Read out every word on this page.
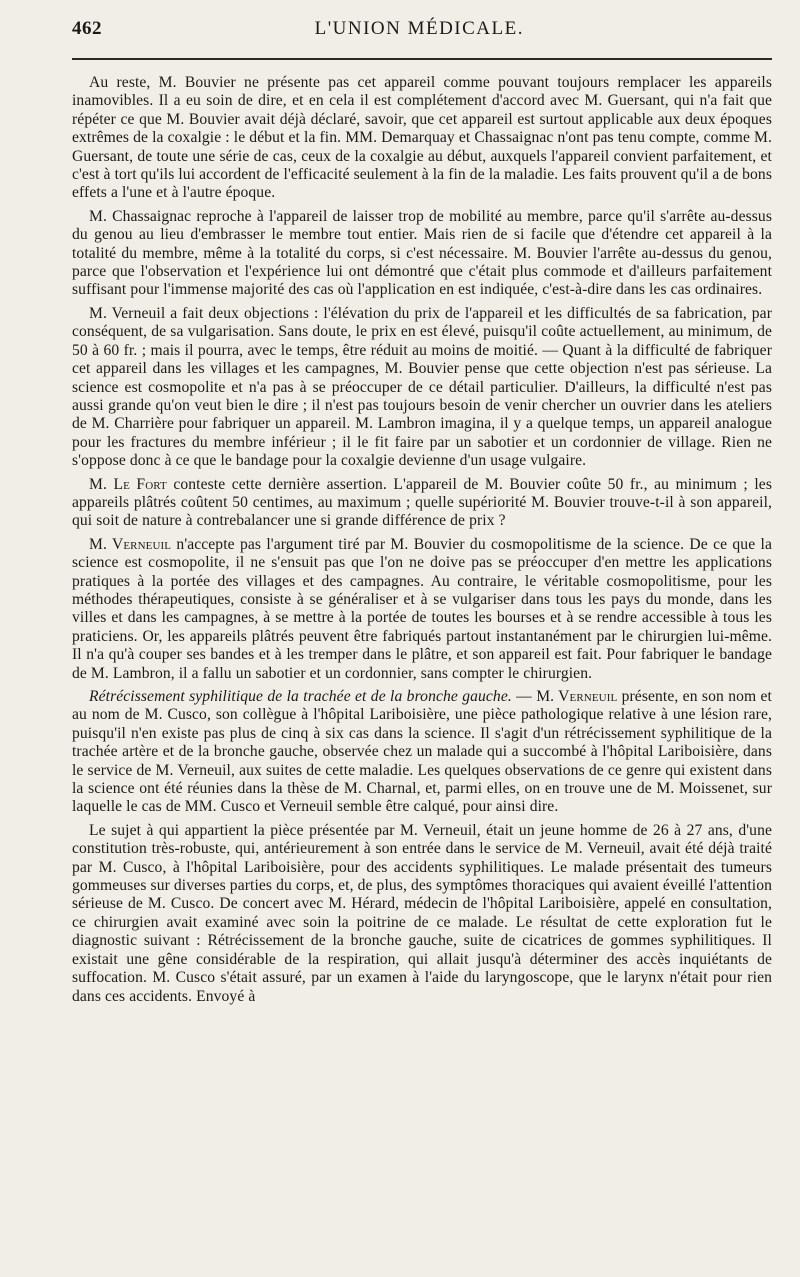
462	L'UNION MÉDICALE.

Au reste, M. Bouvier ne présente pas cet appareil comme pouvant toujours remplacer les appareils inamovibles. Il a eu soin de dire, et en cela il est complétement d'accord avec M. Guersant, qui n'a fait que répéter ce que M. Bouvier avait déjà déclaré, savoir, que cet appareil est surtout applicable aux deux époques extrêmes de la coxalgie : le début et la fin. MM. Demarquay et Chassaignac n'ont pas tenu compte, comme M. Guersant, de toute une série de cas, ceux de la coxalgie au début, auxquels l'appareil convient parfaitement, et c'est à tort qu'ils lui accordent de l'efficacité seulement à la fin de la maladie. Les faits prouvent qu'il a de bons effets a l'une et à l'autre époque.

M. Chassaignac reproche à l'appareil de laisser trop de mobilité au membre, parce qu'il s'arrête au-dessus du genou au lieu d'embrasser le membre tout entier. Mais rien de si facile que d'étendre cet appareil à la totalité du membre, même à la totalité du corps, si c'est nécessaire. M. Bouvier l'arrête au-dessus du genou, parce que l'observation et l'expérience lui ont démontré que c'était plus commode et d'ailleurs parfaitement suffisant pour l'immense majorité des cas où l'application en est indiquée, c'est-à-dire dans les cas ordinaires.

M. Verneuil a fait deux objections : l'élévation du prix de l'appareil et les difficultés de sa fabrication, par conséquent, de sa vulgarisation. Sans doute, le prix en est élevé, puisqu'il coûte actuellement, au minimum, de 50 à 60 fr. ; mais il pourra, avec le temps, être réduit au moins de moitié. — Quant à la difficulté de fabriquer cet appareil dans les villages et les campagnes, M. Bouvier pense que cette objection n'est pas sérieuse. La science est cosmopolite et n'a pas à se préoccuper de ce détail particulier. D'ailleurs, la difficulté n'est pas aussi grande qu'on veut bien le dire ; il n'est pas toujours besoin de venir chercher un ouvrier dans les ateliers de M. Charrière pour fabriquer un appareil. M. Lambron imagina, il y a quelque temps, un appareil analogue pour les fractures du membre inférieur ; il le fit faire par un sabotier et un cordonnier de village. Rien ne s'oppose donc à ce que le bandage pour la coxalgie devienne d'un usage vulgaire.

M. Le Fort conteste cette dernière assertion. L'appareil de M. Bouvier coûte 50 fr., au minimum ; les appareils plâtrés coûtent 50 centimes, au maximum ; quelle supériorité M. Bouvier trouve-t-il à son appareil, qui soit de nature à contrebalancer une si grande différence de prix ?

M. Verneuil n'accepte pas l'argument tiré par M. Bouvier du cosmopolitisme de la science. De ce que la science est cosmopolite, il ne s'ensuit pas que l'on ne doive pas se préoccuper d'en mettre les applications pratiques à la portée des villages et des campagnes. Au contraire, le véritable cosmopolitisme, pour les méthodes thérapeutiques, consiste à se généraliser et à se vulgariser dans tous les pays du monde, dans les villes et dans les campagnes, à se mettre à la portée de toutes les bourses et à se rendre accessible à tous les praticiens. Or, les appareils plâtrés peuvent être fabriqués partout instantanément par le chirurgien lui-même. Il n'a qu'à couper ses bandes et à les tremper dans le plâtre, et son appareil est fait. Pour fabriquer le bandage de M. Lambron, il a fallu un sabotier et un cordonnier, sans compter le chirurgien.

Rétrécissement syphilitique de la trachée et de la bronche gauche. — M. Verneuil présente, en son nom et au nom de M. Cusco, son collègue à l'hôpital Lariboisière, une pièce pathologique relative à une lésion rare, puisqu'il n'en existe pas plus de cinq à six cas dans la science. Il s'agit d'un rétrécissement syphilitique de la trachée artère et de la bronche gauche, observée chez un malade qui a succombé à l'hôpital Lariboisière, dans le service de M. Verneuil, aux suites de cette maladie. Les quelques observations de ce genre qui existent dans la science ont été réunies dans la thèse de M. Charnal, et, parmi elles, on en trouve une de M. Moissenet, sur laquelle le cas de MM. Cusco et Verneuil semble être calqué, pour ainsi dire.

Le sujet à qui appartient la pièce présentée par M. Verneuil, était un jeune homme de 26 à 27 ans, d'une constitution très-robuste, qui, antérieurement à son entrée dans le service de M. Verneuil, avait été déjà traité par M. Cusco, à l'hôpital Lariboisière, pour des accidents syphilitiques. Le malade présentait des tumeurs gommeuses sur diverses parties du corps, et, de plus, des symptômes thoraciques qui avaient éveillé l'attention sérieuse de M. Cusco. De concert avec M. Hérard, médecin de l'hôpital Lariboisière, appelé en consultation, ce chirurgien avait examiné avec soin la poitrine de ce malade. Le résultat de cette exploration fut le diagnostic suivant : Rétrécissement de la bronche gauche, suite de cicatrices de gommes syphilitiques. Il existait une gêne considérable de la respiration, qui allait jusqu'à déterminer des accès inquiétants de suffocation. M. Cusco s'était assuré, par un examen à l'aide du laryngoscope, que le larynx n'était pour rien dans ces accidents. Envoyé à
